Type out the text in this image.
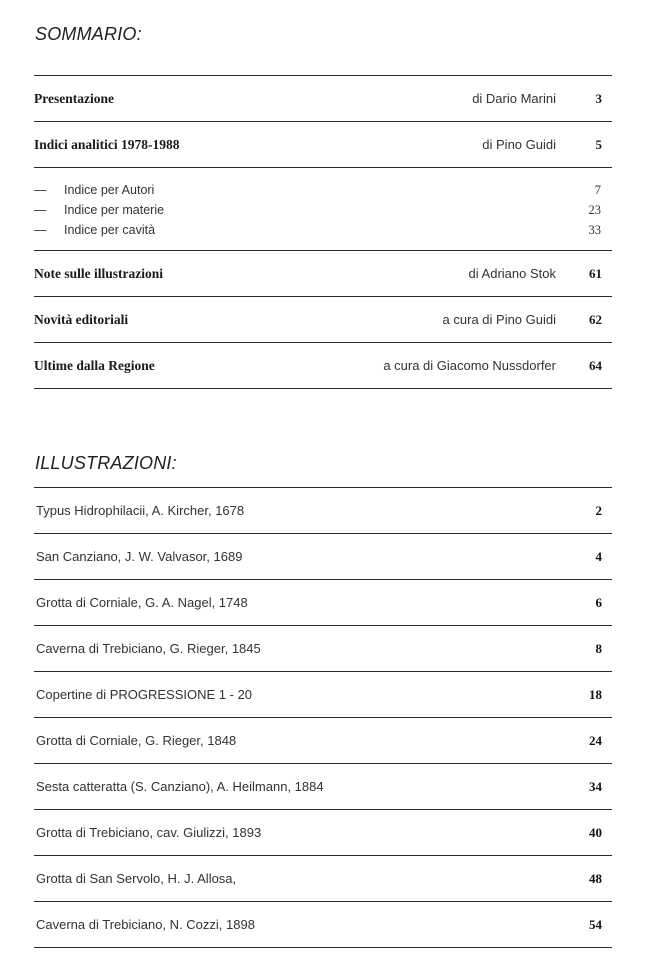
SOMMARIO:
Presentazione	di Dario Marini	3
Indici analitici 1978-1988	di Pino Guidi	5
—	Indice per Autori	7
—	Indice per materie	23
—	Indice per cavità	33
Note sulle illustrazioni	di Adriano Stok	61
Novità editoriali	a cura di Pino Guidi	62
Ultime dalla Regione	a cura di Giacomo Nussdorfer	64
ILLUSTRAZIONI:
Typus Hidrophilacii, A. Kircher, 1678	2
San Canziano, J. W. Valvasor, 1689	4
Grotta di Corniale, G. A. Nagel, 1748	6
Caverna di Trebiciano, G. Rieger, 1845	8
Copertine di PROGRESSIONE 1 - 20	18
Grotta di Corniale, G. Rieger, 1848	24
Sesta catteratta (S. Canziano), A. Heilmann, 1884	34
Grotta di Trebiciano, cav. Giulizzi, 1893	40
Grotta di San Servolo, H. J. Allosa,	48
Caverna di Trebiciano, N. Cozzi, 1898	54
